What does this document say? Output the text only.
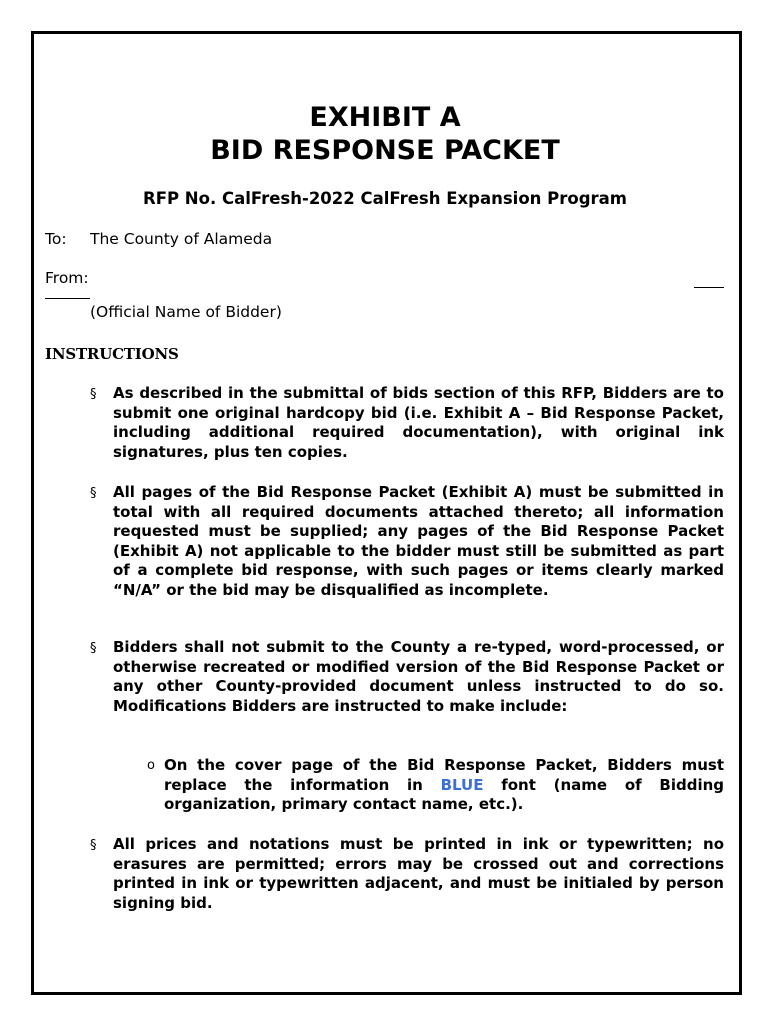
EXHIBIT A
BID RESPONSE PACKET
RFP No. CalFresh-2022 CalFresh Expansion Program
To: The County of Alameda
From:
(Official Name of Bidder)
INSTRUCTIONS
§ As described in the submittal of bids section of this RFP, Bidders are to submit one original hardcopy bid (i.e. Exhibit A – Bid Response Packet, including additional required documentation), with original ink signatures, plus ten copies.
§ All pages of the Bid Response Packet (Exhibit A) must be submitted in total with all required documents attached thereto; all information requested must be supplied; any pages of the Bid Response Packet (Exhibit A) not applicable to the bidder must still be submitted as part of a complete bid response, with such pages or items clearly marked “N/A” or the bid may be disqualified as incomplete.
§ Bidders shall not submit to the County a re-typed, word-processed, or otherwise recreated or modified version of the Bid Response Packet or any other County-provided document unless instructed to do so. Modifications Bidders are instructed to make include:
o On the cover page of the Bid Response Packet, Bidders must replace the information in BLUE font (name of Bidding organization, primary contact name, etc.).
§ All prices and notations must be printed in ink or typewritten; no erasures are permitted; errors may be crossed out and corrections printed in ink or typewritten adjacent, and must be initialed by person signing bid.
